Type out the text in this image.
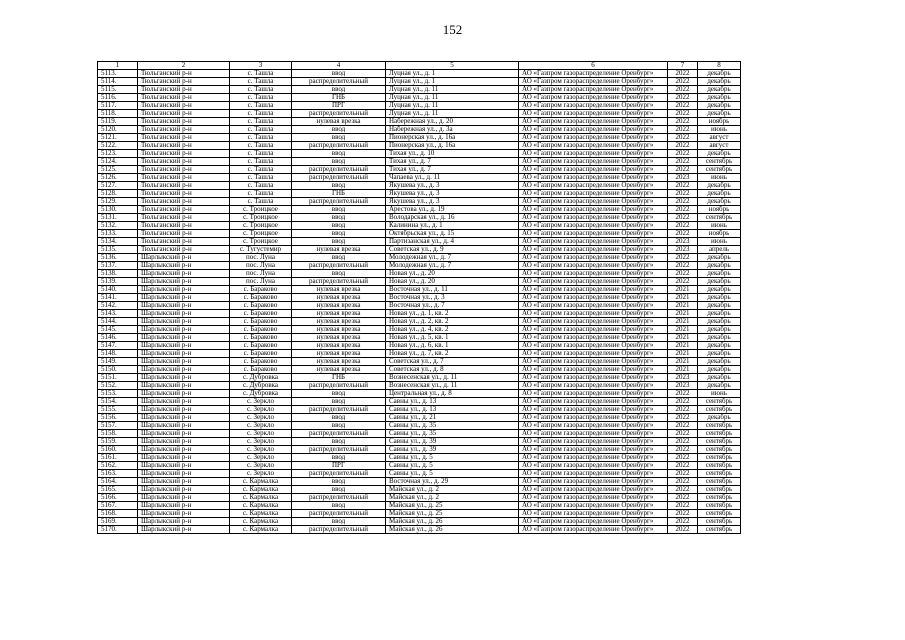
152
1	2	3	4	5	6	7	8
5113.	Тюльганский р-н	с. Ташла	ввод	Луцная ул., д. 1	АО «Газпром газораспределение Оренбург»	2022	декабрь
5114.	Тюльганский р-н	с. Ташла	распределительный	Луцная ул., д. 1	АО «Газпром газораспределение Оренбург»	2022	декабрь
5115.	Тюльганский р-н	с. Ташла	ввод	Луцная ул., д. 11	АО «Газпром газораспределение Оренбург»	2022	декабрь
5116.	Тюльганский р-н	с. Ташла	ГНБ	Луцная ул., д. 11	АО «Газпром газораспределение Оренбург»	2022	декабрь
5117.	Тюльганский р-н	с. Ташла	ПРГ	Луцная ул., д. 11	АО «Газпром газораспределение Оренбург»	2022	декабрь
5118.	Тюльганский р-н	с. Ташла	распределительный	Луцная ул., д. 11	АО «Газпром газораспределение Оренбург»	2022	декабрь
5119.	Тюльганский р-н	с. Ташла	нулевая врезка	Набережная ул., д. 20	АО «Газпром газораспределение Оренбург»	2022	ноябрь
5120.	Тюльганский р-н	с. Ташла	ввод	Набережная ул., д. 3а	АО «Газпром газораспределение Оренбург»	2022	июнь
5121.	Тюльганский р-н	с. Ташла	ввод	Пионерская ул., д. 16а	АО «Газпром газораспределение Оренбург»	2022	август
5122.	Тюльганский р-н	с. Ташла	распределительный	Пионерская ул., д. 16а	АО «Газпром газораспределение Оренбург»	2022	август
5123.	Тюльганский р-н	с. Ташла	ввод	Тихая ул., д. 10	АО «Газпром газораспределение Оренбург»	2022	декабрь
5124.	Тюльганский р-н	с. Ташла	ввод	Тихая ул., д. 7	АО «Газпром газораспределение Оренбург»	2022	сентябрь
5125.	Тюльганский р-н	с. Ташла	распределительный	Тихая ул., д. 7	АО «Газпром газораспределение Оренбург»	2022	сентябрь
5126.	Тюльганский р-н	с. Ташла	распределительный	Чапаева ул., д. 11	АО «Газпром газораспределение Оренбург»	2023	июнь
5127.	Тюльганский р-н	с. Ташла	ввод	Якушева ул., д. 3	АО «Газпром газораспределение Оренбург»	2022	декабрь
5128.	Тюльганский р-н	с. Ташла	ГНБ	Якушева ул., д. 3	АО «Газпром газораспределение Оренбург»	2022	декабрь
5129.	Тюльганский р-н	с. Ташла	распределительный	Якушева ул., д. 3	АО «Газпром газораспределение Оренбург»	2022	декабрь
5130.	Тюльганский р-н	с. Троицкое	ввод	Арестова ул., д. 19	АО «Газпром газораспределение Оренбург»	2022	ноябрь
5131.	Тюльганский р-н	с. Троицкое	ввод	Володарская ул., д. 16	АО «Газпром газораспределение Оренбург»	2022	сентябрь
5132.	Тюльганский р-н	с. Троицкое	ввод	Калинина ул., д. 1	АО «Газпром газораспределение Оренбург»	2022	июнь
5133.	Тюльганский р-н	с. Троицкое	ввод	Октябрьская ул., д. 15	АО «Газпром газораспределение Оренбург»	2022	ноябрь
5134.	Тюльганский р-н	с. Троицкое	ввод	Партизанская ул., д. 4	АО «Газпром газораспределение Оренбург»	2023	июнь
5135.	Тюльганский р-н	с. Тугустемир	нулевая врезка	Советская ул., д. 9	АО «Газпром газораспределение Оренбург»	2023	апрель
5136.	Шарлыкский р-н	пос. Луна	ввод	Молодежная ул., д. 7	АО «Газпром газораспределение Оренбург»	2022	декабрь
5137.	Шарлыкский р-н	пос. Луна	распределительный	Молодежная ул., д. 7	АО «Газпром газораспределение Оренбург»	2022	декабрь
5138.	Шарлыкский р-н	пос. Луна	ввод	Новая ул., д. 20	АО «Газпром газораспределение Оренбург»	2022	декабрь
5139.	Шарлыкский р-н	пос. Луна	распределительный	Новая ул., д. 20	АО «Газпром газораспределение Оренбург»	2022	декабрь
5140.	Шарлыкский р-н	с. Бараково	нулевая врезка	Восточная ул., д. 11	АО «Газпром газораспределение Оренбург»	2021	декабрь
5141.	Шарлыкский р-н	с. Бараково	нулевая врезка	Восточная ул., д. 3	АО «Газпром газораспределение Оренбург»	2021	декабрь
5142.	Шарлыкский р-н	с. Бараково	нулевая врезка	Восточная ул., д. 7	АО «Газпром газораспределение Оренбург»	2021	декабрь
5143.	Шарлыкский р-н	с. Бараково	нулевая врезка	Новая ул., д. 1, кв. 2	АО «Газпром газораспределение Оренбург»	2021	декабрь
5144.	Шарлыкский р-н	с. Бараково	нулевая врезка	Новая ул., д. 2, кв. 2	АО «Газпром газораспределение Оренбург»	2021	декабрь
5145.	Шарлыкский р-н	с. Бараково	нулевая врезка	Новая ул., д. 4, кв. 2	АО «Газпром газораспределение Оренбург»	2021	декабрь
5146.	Шарлыкский р-н	с. Бараково	нулевая врезка	Новая ул., д. 5, кв. 1	АО «Газпром газораспределение Оренбург»	2021	декабрь
5147.	Шарлыкский р-н	с. Бараково	нулевая врезка	Новая ул., д. 6, кв. 1	АО «Газпром газораспределение Оренбург»	2021	декабрь
5148.	Шарлыкский р-н	с. Бараково	нулевая врезка	Новая ул., д. 7, кв. 2	АО «Газпром газораспределение Оренбург»	2021	декабрь
5149.	Шарлыкский р-н	с. Бараково	нулевая врезка	Советская ул., д. 7	АО «Газпром газораспределение Оренбург»	2021	декабрь
5150.	Шарлыкский р-н	с. Бараково	нулевая врезка	Советская ул., д. 8	АО «Газпром газораспределение Оренбург»	2021	декабрь
5151.	Шарлыкский р-н	с. Дубровка	ГНБ	Вознесенская ул., д. 11	АО «Газпром газораспределение Оренбург»	2023	декабрь
5152.	Шарлыкский р-н	с. Дубровка	распределительный	Вознесенская ул., д. 11	АО «Газпром газораспределение Оренбург»	2023	декабрь
5153.	Шарлыкский р-н	с. Дубровка	ввод	Центральная ул., д. 8	АО «Газпром газораспределение Оренбург»	2022	июнь
5154.	Шарлыкский р-н	с. Зеркло	ввод	Савны ул., д. 13	АО «Газпром газораспределение Оренбург»	2022	сентябрь
5155.	Шарлыкский р-н	с. Зеркло	распределительный	Савны ул., д. 13	АО «Газпром газораспределение Оренбург»	2022	сентябрь
5156.	Шарлыкский р-н	с. Зеркло	ввод	Савны ул., д. 21	АО «Газпром газораспределение Оренбург»	2022	декабрь
5157.	Шарлыкский р-н	с. Зеркло	ввод	Савны ул., д. 35	АО «Газпром газораспределение Оренбург»	2022	сентябрь
5158.	Шарлыкский р-н	с. Зеркло	распределительный	Савны ул., д. 35	АО «Газпром газораспределение Оренбург»	2022	сентябрь
5159.	Шарлыкский р-н	с. Зеркло	ввод	Савны ул., д. 39	АО «Газпром газораспределение Оренбург»	2022	сентябрь
5160.	Шарлыкский р-н	с. Зеркло	распределительный	Савны ул., д. 39	АО «Газпром газораспределение Оренбург»	2022	сентябрь
5161.	Шарлыкский р-н	с. Зеркло	ввод	Савны ул., д. 5	АО «Газпром газораспределение Оренбург»	2022	сентябрь
5162.	Шарлыкский р-н	с. Зеркло	ПРГ	Савны ул., д. 5	АО «Газпром газораспределение Оренбург»	2022	сентябрь
5163.	Шарлыкский р-н	с. Зеркло	распределительный	Савны ул., д. 5	АО «Газпром газораспределение Оренбург»	2022	сентябрь
5164.	Шарлыкский р-н	с. Кармалка	ввод	Восточная ул., д. 29	АО «Газпром газораспределение Оренбург»	2022	сентябрь
5165.	Шарлыкский р-н	с. Кармалка	ввод	Майская ул., д. 2	АО «Газпром газораспределение Оренбург»	2022	сентябрь
5166.	Шарлыкский р-н	с. Кармалка	распределительный	Майская ул., д. 2	АО «Газпром газораспределение Оренбург»	2022	сентябрь
5167.	Шарлыкский р-н	с. Кармалка	ввод	Майская ул., д. 25	АО «Газпром газораспределение Оренбург»	2022	сентябрь
5168.	Шарлыкский р-н	с. Кармалка	распределительный	Майская ул., д. 25	АО «Газпром газораспределение Оренбург»	2022	сентябрь
5169.	Шарлыкский р-н	с. Кармалка	ввод	Майская ул., д. 26	АО «Газпром газораспределение Оренбург»	2022	сентябрь
5170.	Шарлыкский р-н	с. Кармалка	распределительный	Майская ул., д. 26	АО «Газпром газораспределение Оренбург»	2022	сентябрь
